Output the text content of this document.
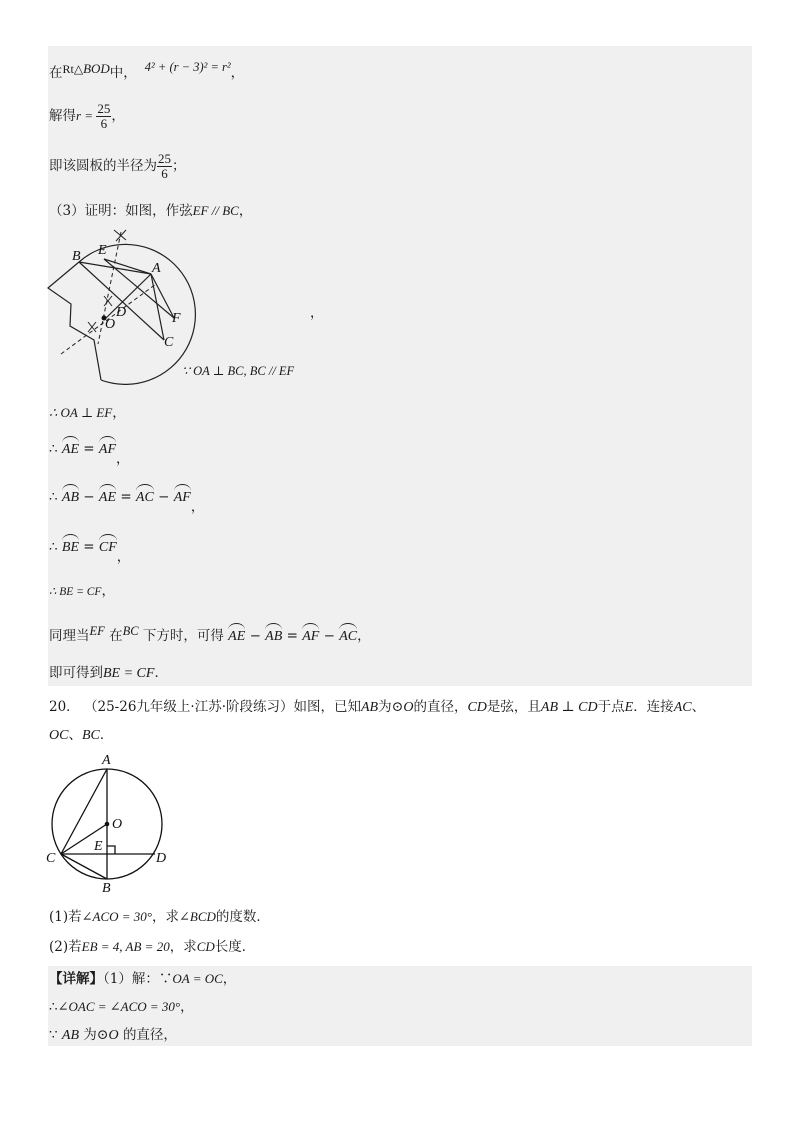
在Rt△BOD中， 4² + (r − 3)² = r²，
解得$r = \frac{25}{6}$ ，
即该圆板的半径为 $\frac{25}{6}$ ；
（3）证明：如图，作弦EF // BC，
B E
A
D
O	F
C
，
∵ OA ⊥ BC, BC // EF
∴ OA ⊥ EF，
∴ AE = AF，
∴ AB − AE = AC − AF，
∴ BE = CF，
∴ BE = CF，
同理当EF 在BC 下方时，可得 AE − AB = AF − AC，
即可得到BE = CF．
20． （25-26九年级上·江苏·阶段练习）如图，已知AB为⊙O的直径，CD是弦，且AB ⊥ CD于点E．连接AC、
OC、BC．
A
O
E
C	D
B
(1)若∠ACO = 30°，求∠BCD的度数．
(2)若EB = 4, AB = 20，求CD长度．
【详解】（1）解：∵OA = OC，
∴∠OAC = ∠ACO = 30°，
∵ AB 为⊙O 的直径，
